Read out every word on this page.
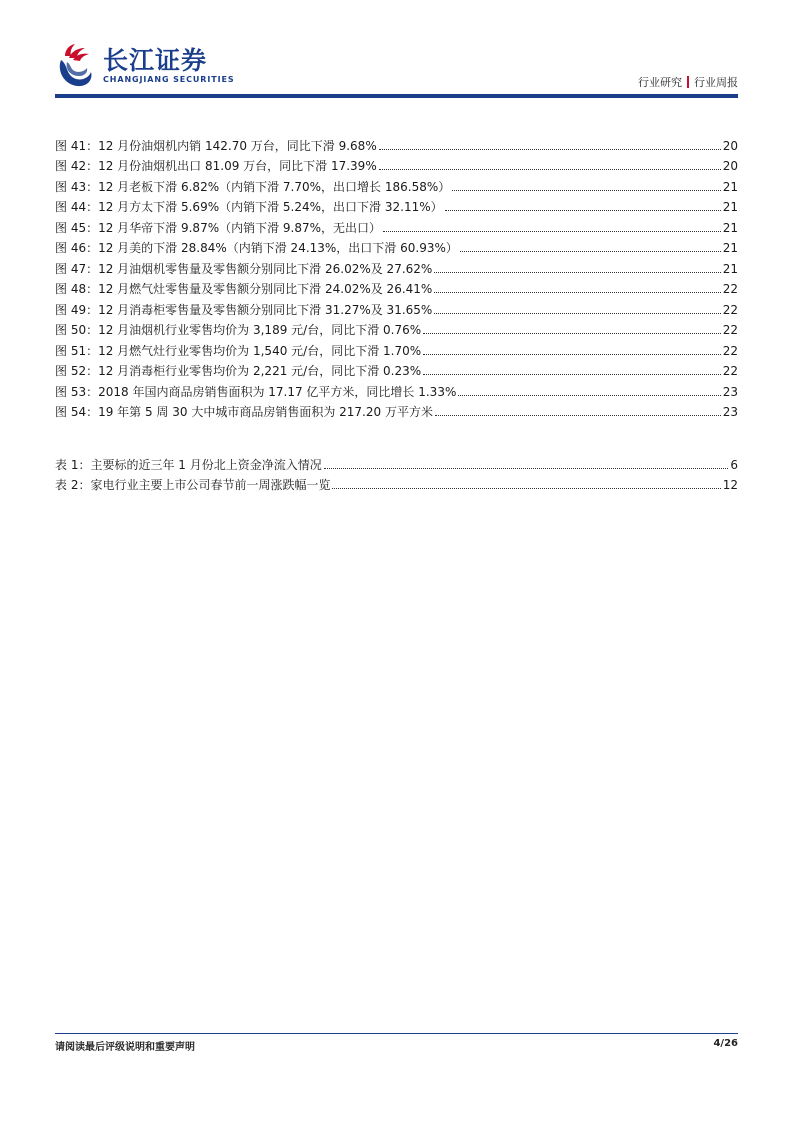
长江证券
CHANGJIANG SECURITIES	行业研究 行业周报
图 41：12 月份油烟机内销 142.70 万台，同比下滑 9.68%	20
图 42：12 月份油烟机出口 81.09 万台，同比下滑 17.39%	20
图 43：12 月老板下滑 6.82%（内销下滑 7.70%，出口增长 186.58%）	21
图 44：12 月方太下滑 5.69%（内销下滑 5.24%，出口下滑 32.11%）	21
图 45：12 月华帝下滑 9.87%（内销下滑 9.87%，无出口）	21
图 46：12 月美的下滑 28.84%（内销下滑 24.13%，出口下滑 60.93%）	21
图 47：12 月油烟机零售量及零售额分别同比下滑 26.02%及 27.62%	21
图 48：12 月燃气灶零售量及零售额分别同比下滑 24.02%及 26.41%	22
图 49：12 月消毒柜零售量及零售额分别同比下滑 31.27%及 31.65%	22
图 50：12 月油烟机行业零售均价为 3,189 元/台，同比下滑 0.76%	22
图 51：12 月燃气灶行业零售均价为 1,540 元/台，同比下滑 1.70%	22
图 52：12 月消毒柜行业零售均价为 2,221 元/台，同比下滑 0.23%	22
图 53：2018 年国内商品房销售面积为 17.17 亿平方米，同比增长 1.33%	23
图 54：19 年第 5 周 30 大中城市商品房销售面积为 217.20 万平方米	23
表 1：主要标的近三年 1 月份北上资金净流入情况	6
表 2：家电行业主要上市公司春节前一周涨跌幅一览	12
请阅读最后评级说明和重要声明	4/26
